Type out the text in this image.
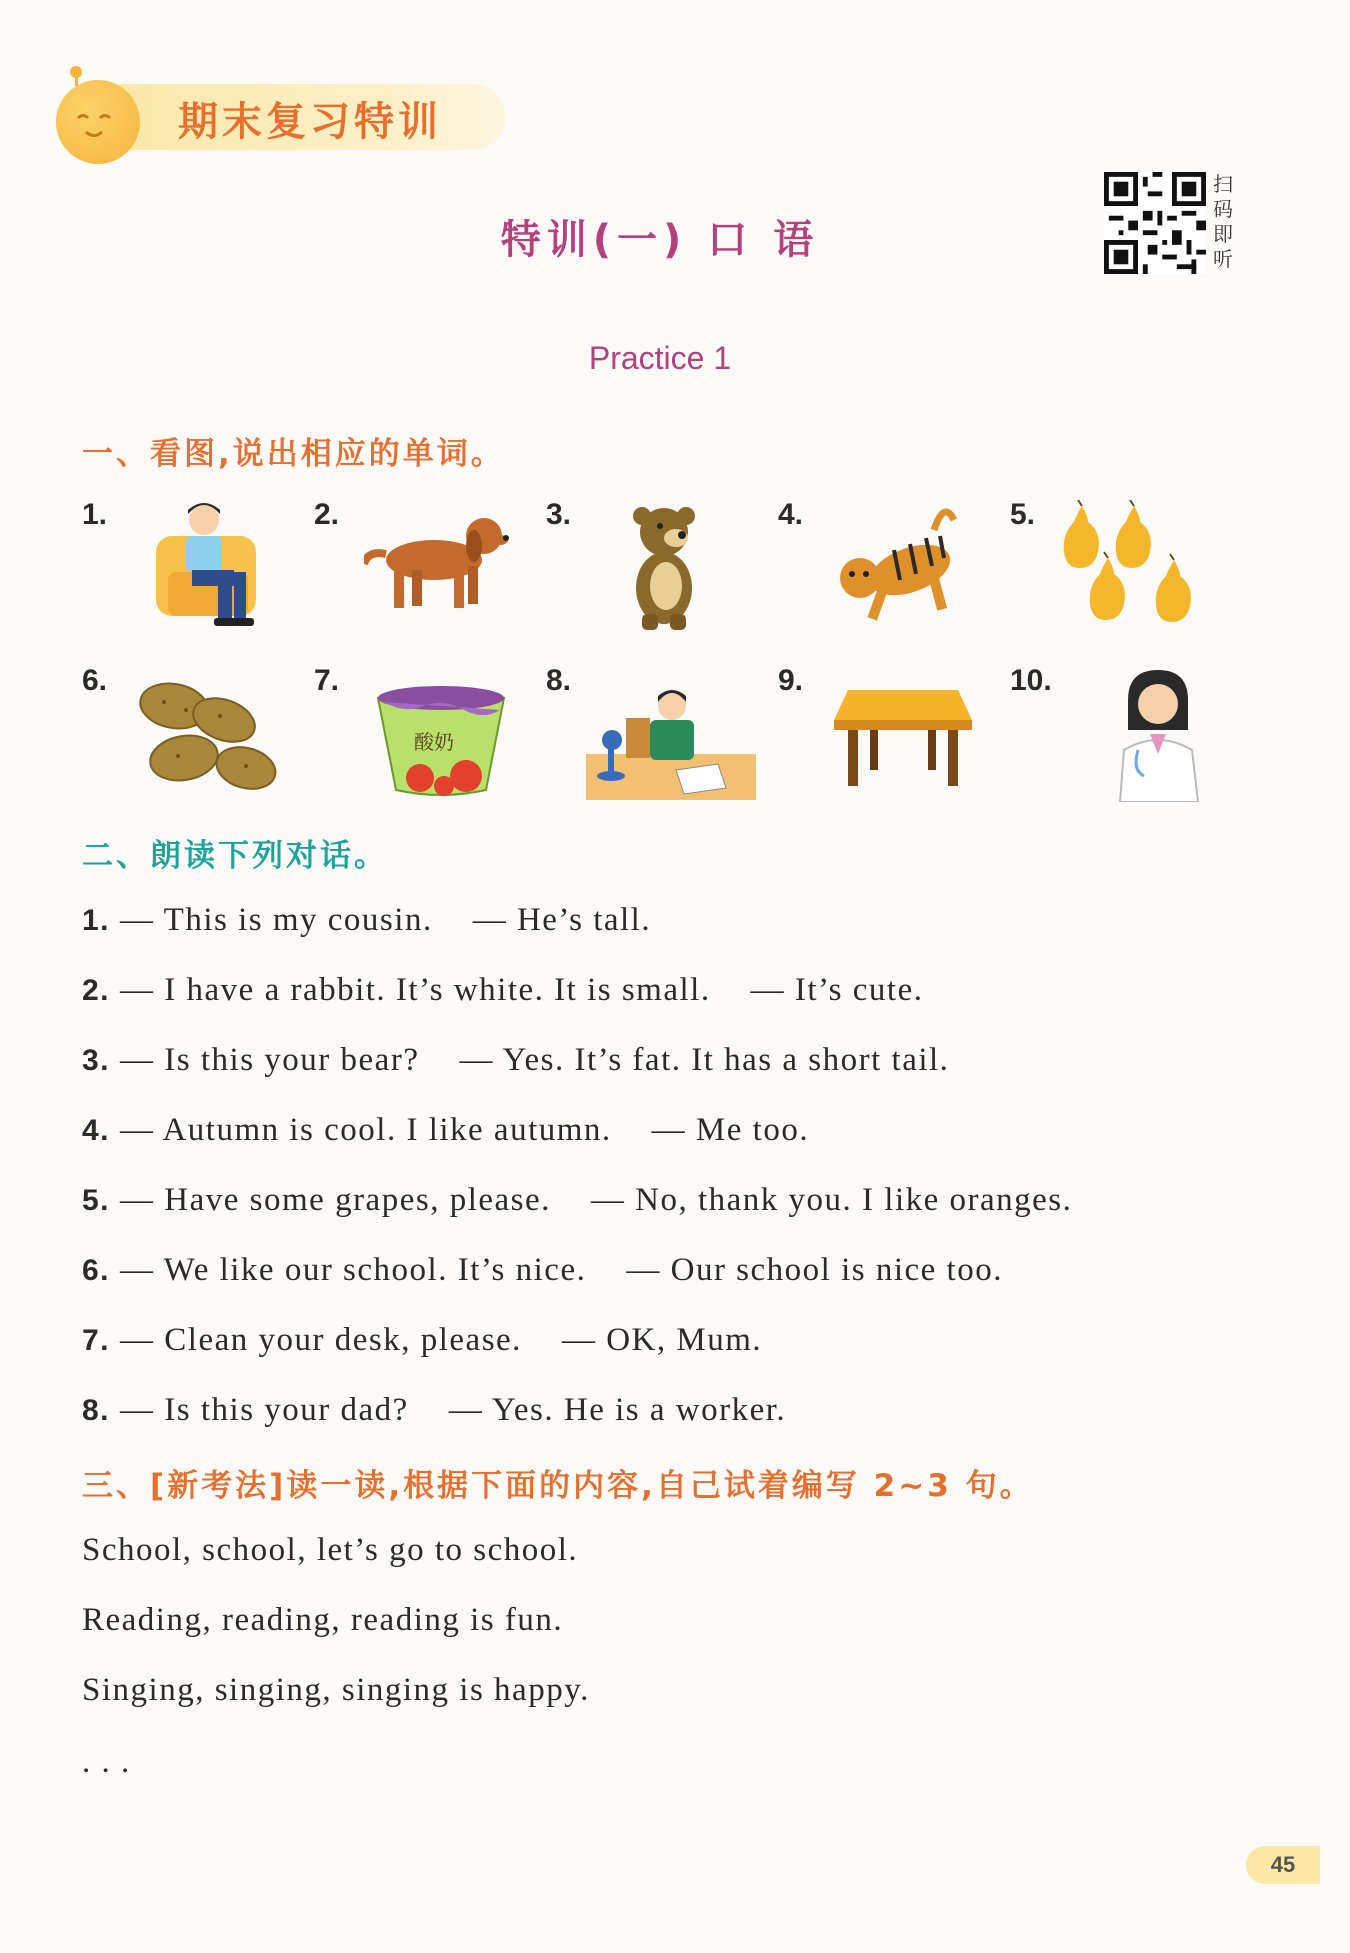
期末复习特训
特训(一) 口 语
扫码即听
Practice 1
一、看图,说出相应的单词。
1.	2.	3.	4.	5.
6.	7.
酸奶
8.	9.	10.
二、朗读下列对话。
1. — This is my cousin. — He’s tall.
2. — I have a rabbit. It’s white. It is small. — It’s cute.
3. — Is this your bear? — Yes. It’s fat. It has a short tail.
4. — Autumn is cool. I like autumn. — Me too.
5. — Have some grapes, please. — No, thank you. I like oranges.
6. — We like our school. It’s nice. — Our school is nice too.
7. — Clean your desk, please. — OK, Mum.
8. — Is this your dad? — Yes. He is a worker.
三、[新考法]读一读,根据下面的内容,自己试着编写 2~3 句。
School, school, let’s go to school.
Reading, reading, reading is fun.
Singing, singing, singing is happy.
. . .
45
